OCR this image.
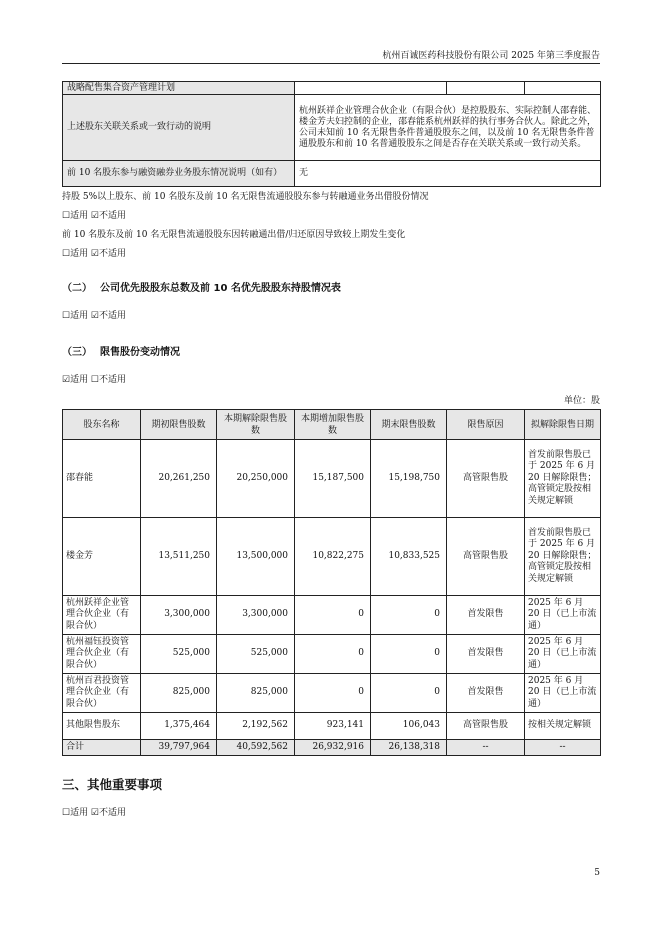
杭州百诚医药科技股份有限公司 2025 年第三季度报告
战略配售集合资产管理计划			
上述股东关联关系或一致行动的说明	杭州跃祥企业管理合伙企业（有限合伙）是控股股东、实际控制人邵春能、楼金芳夫妇控制的企业，邵春能系杭州跃祥的执行事务合伙人。除此之外，公司未知前 10 名无限售条件普通股股东之间，以及前 10 名无限售条件普通股股东和前 10 名普通股股东之间是否存在关联关系或一致行动关系。		
前 10 名股东参与融资融券业务股东情况说明（如有）	无		
持股 5%以上股东、前 10 名股东及前 10 名无限售流通股股东参与转融通业务出借股份情况
☐适用 ☑不适用
前 10 名股东及前 10 名无限售流通股股东因转融通出借/归还原因导致较上期发生变化
☐适用 ☑不适用
（二） 公司优先股股东总数及前 10 名优先股股东持股情况表
☐适用 ☑不适用
（三） 限售股份变动情况
☑适用 ☐不适用
单位：股
股东名称	期初限售股数	本期解除限售股数	本期增加限售股数	期末限售股数	限售原因	拟解除限售日期
邵春能	20,261,250	20,250,000	15,187,500	15,198,750	高管限售股	首发前限售股已于 2025 年 6 月 20 日解除限售；高管锁定股按相关规定解锁
楼金芳	13,511,250	13,500,000	10,822,275	10,833,525	高管限售股	首发前限售股已于 2025 年 6 月 20 日解除限售；高管锁定股按相关规定解锁
杭州跃祥企业管理合伙企业（有限合伙）	3,300,000	3,300,000	0	0	首发限售	2025 年 6 月 20 日（已上市流通）
杭州福钰投资管理合伙企业（有限合伙）	525,000	525,000	0	0	首发限售	2025 年 6 月 20 日（已上市流通）
杭州百君投资管理合伙企业（有限合伙）	825,000	825,000	0	0	首发限售	2025 年 6 月 20 日（已上市流通）
其他限售股东	1,375,464	2,192,562	923,141	106,043	高管限售股	按相关规定解锁
合计	39,797,964	40,592,562	26,932,916	26,138,318	--	--
三、其他重要事项
☐适用 ☑不适用
5
